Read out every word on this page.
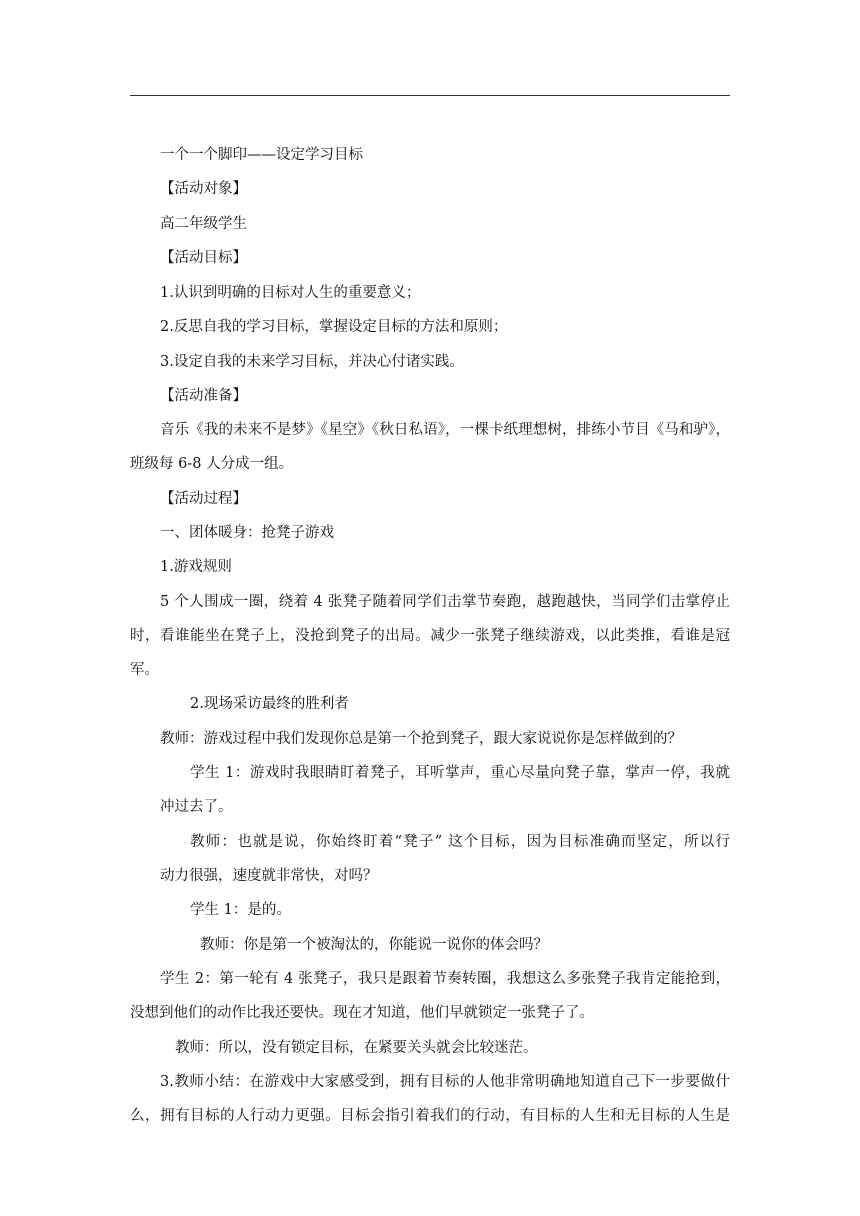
一个一个脚印——设定学习目标
【活动对象】
高二年级学生
【活动目标】
1.认识到明确的目标对人生的重要意义；
2.反思自我的学习目标，掌握设定目标的方法和原则；
3.设定自我的未来学习目标，并决心付诸实践。
【活动准备】
音乐《我的未来不是梦》《星空》《秋日私语》，一棵卡纸理想树，排练小节目《马和驴》，
班级每 6-8 人分成一组。
【活动过程】
一、团体暖身：抢凳子游戏
1.游戏规则
5 个人围成一圈，绕着 4 张凳子随着同学们击掌节奏跑，越跑越快，当同学们击掌停止
时，看谁能坐在凳子上，没抢到凳子的出局。减少一张凳子继续游戏，以此类推，看谁是冠
军。
2.现场采访最终的胜利者
教师：游戏过程中我们发现你总是第一个抢到凳子，跟大家说说你是怎样做到的？
学生 1：游戏时我眼睛盯着凳子，耳听掌声，重心尽量向凳子靠，掌声一停，我就
冲过去了。
教师：也就是说，你始终盯着“凳子” 这个目标，因为目标准确而坚定，所以行
动力很强，速度就非常快，对吗？
学生 1：是的。
教师：你是第一个被淘汰的，你能说一说你的体会吗？
学生 2：第一轮有 4 张凳子，我只是跟着节奏转圈，我想这么多张凳子我肯定能抢到，
没想到他们的动作比我还要快。现在才知道，他们早就锁定一张凳子了。
教师：所以，没有锁定目标，在紧要关头就会比较迷茫。
3.教师小结：在游戏中大家感受到，拥有目标的人他非常明确地知道自己下一步要做什
么，拥有目标的人行动力更强。目标会指引着我们的行动，有目标的人生和无目标的人生是
